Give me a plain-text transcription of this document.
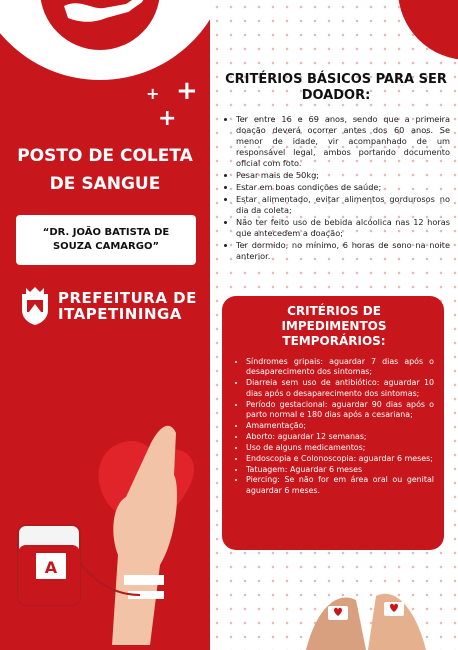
POSTO DE COLETA
DE SANGUE
“DR. JOÃO BATISTA DE SOUZA CAMARGO”
PREFEITURA DE
ITAPETININGA
A
+
+
+
CRITÉRIOS BÁSICOS PARA SER DOADOR:
• Ter entre 16 e 69 anos, sendo que a primeira doação deverá ocorrer antes dos 60 anos. Se menor de idade, vir acompanhado de um responsável legal, ambos portando documento oficial com foto.
• Pesar mais de 50kg;
• Estar em boas condições de saúde;
• Estar alimentado, evitar alimentos gordurosos no dia da coleta;
• Não ter feito uso de bebida alcóolica nas 12 horas que antecedem a doação;
• Ter dormido, no mínimo, 6 horas de sono na noite anterior.
CRITÉRIOS DE IMPEDIMENTOS TEMPORÁRIOS:
• Síndromes gripais: aguardar 7 dias após o desaparecimento dos sintomas;
• Diarreia sem uso de antibiótico: aguardar 10 dias após o desaparecimento dos sintomas;
• Período gestacional: aguardar 90 dias após o parto normal e 180 dias após a cesariana;
• Amamentação;
• Aborto: aguardar 12 semanas;
• Uso de alguns medicamentos;
• Endoscopia e Colonoscopia: aguardar 6 meses;
• Tatuagem: Aguardar 6 meses
• Piercing: Se não for em área oral ou genital aguardar 6 meses.
